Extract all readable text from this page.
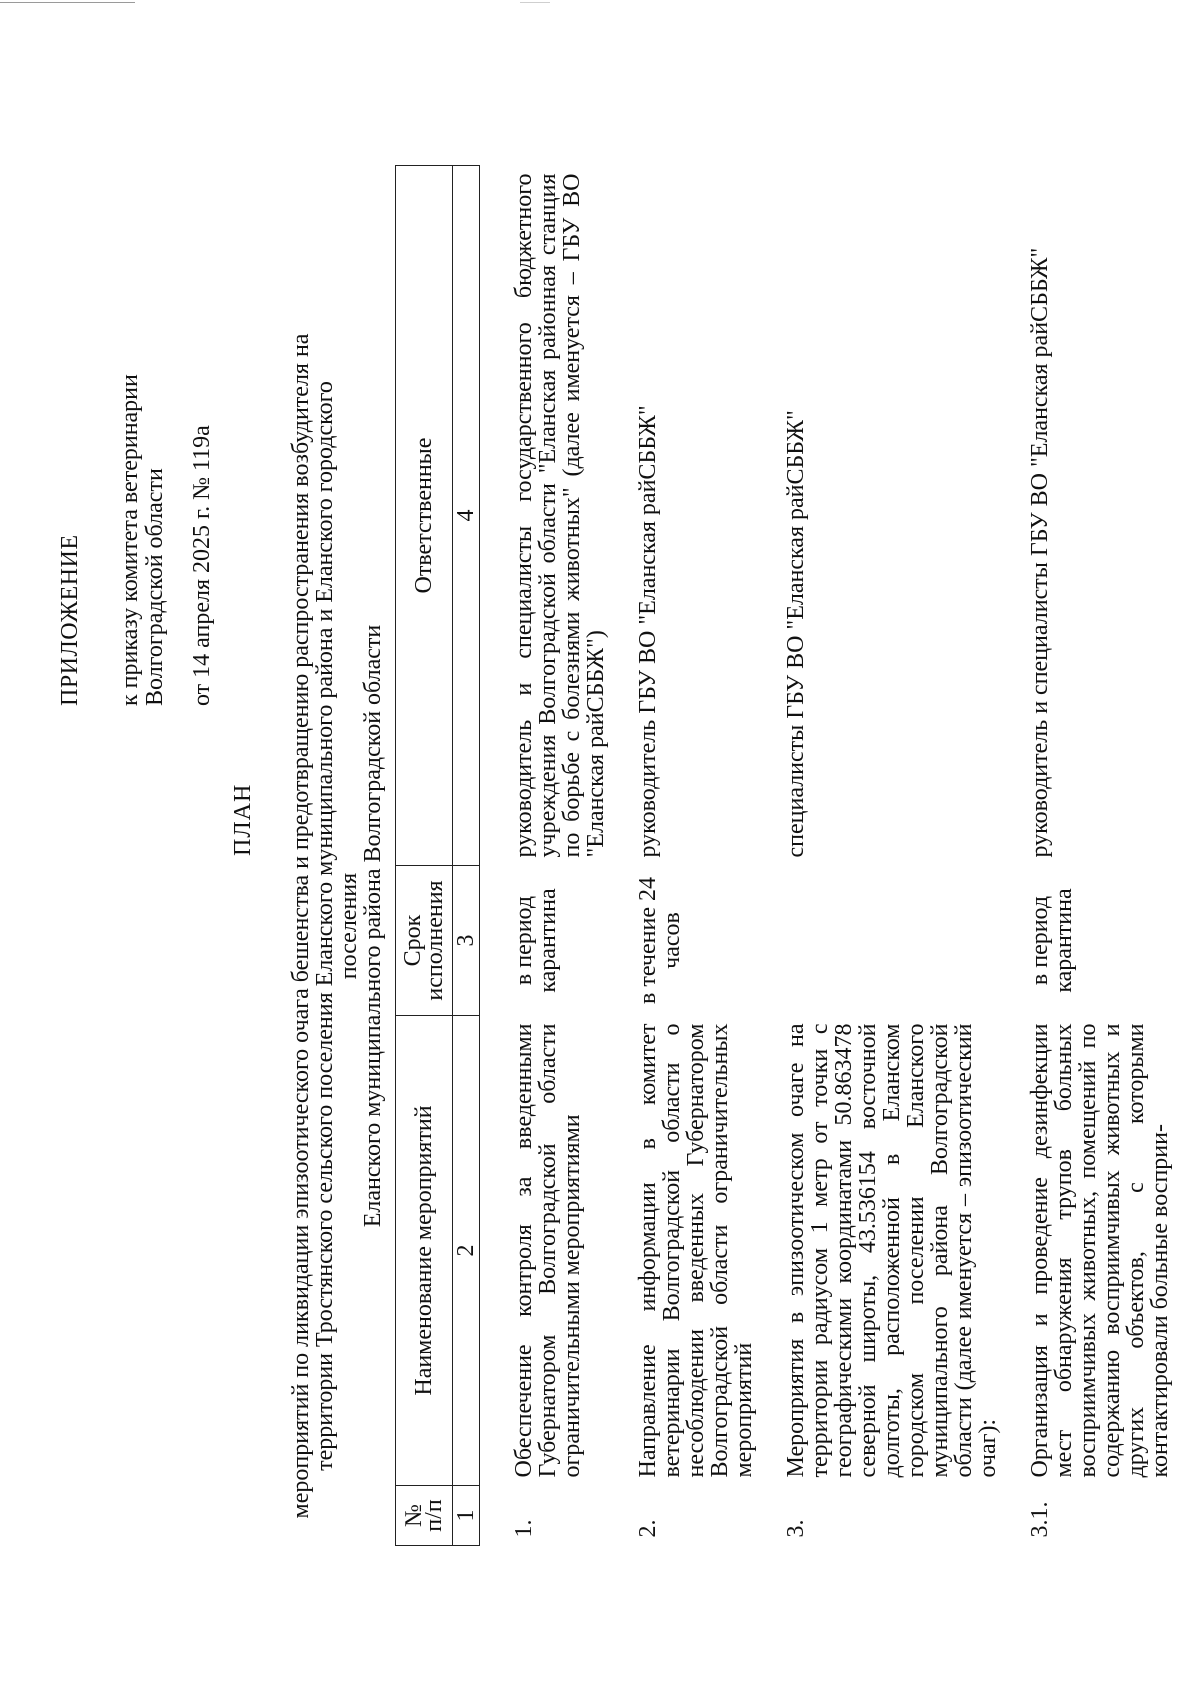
ПРИЛОЖЕНИЕ к приказу комитета ветеринарии Волгоградской области от 14 апреля 2025 г. № 119а
ПЛАН мероприятий по ликвидации эпизоотического очага бешенства и предотвращению распространения возбудителя на
территории Тростянского сельского поселения Еланского муниципального района и Еланского городского поселения
Еланского муниципального района Волгоградской области
№ п/п	Наименование мероприятий	Срок исполнения	Ответственные
1	2	3	4
1.	Обеспечение контроля за введенными Губернатором Волгоградской области ограничительными мероприятиями	в период карантина	руководитель и специалисты государственного бюджетного учреждения Волгоградской области "Еланская районная станция по борьбе с болезнями животных" (далее именуется – ГБУ ВО "Еланская райСББЖ")
2.	Направление информации в комитет ветеринарии Волгоградской области о несоблюдении введенных Губернатором Волгоградской области ограничительных мероприятий	в течение 24 часов	руководитель ГБУ ВО "Еланская райСББЖ"
3.	Мероприятия в эпизоотическом очаге на территории радиусом 1 метр от точки с географическими координатами 50.863478 северной широты, 43.536154 восточной долготы, расположенной в Еланском городском поселении Еланского муниципального района Волгоградской области (далее именуется – эпизоотический очаг):		специалисты ГБУ ВО "Еланская райСББЖ"
3.1.	Организация и проведение дезинфекции мест обнаружения трупов больных восприимчивых животных, помещений по содержанию восприимчивых животных и других объектов, с которыми контактировали больные восприи-	в период карантина	руководитель и специалисты ГБУ ВО "Еланская райСББЖ"
